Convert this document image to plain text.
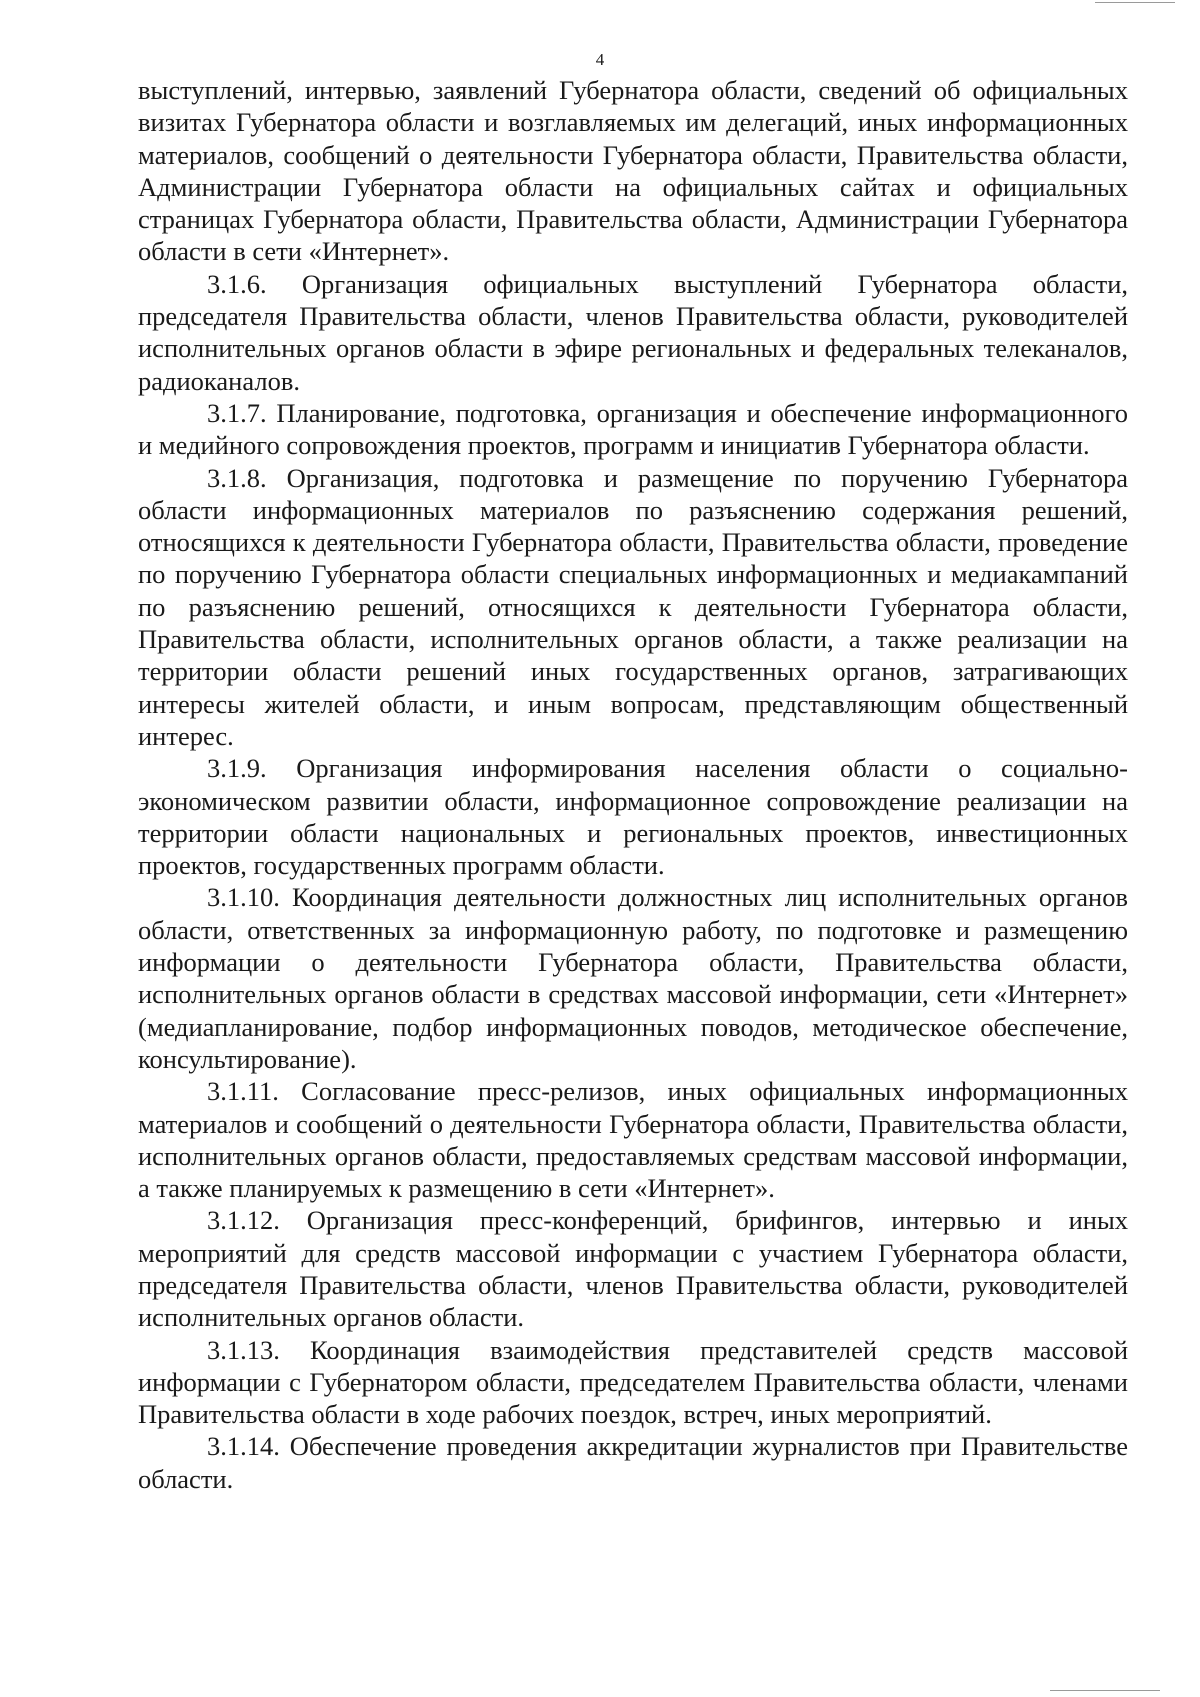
4

выступлений, интервью, заявлений Губернатора области, сведений об официальных визитах Губернатора области и возглавляемых им делегаций, иных информационных материалов, сообщений о деятельности Губернатора области, Правительства области, Администрации Губернатора области на официальных сайтах и официальных страницах Губернатора области, Правительства области, Администрации Губернатора области в сети «Интернет».

3.1.6. Организация официальных выступлений Губернатора области, председателя Правительства области, членов Правительства области, руководителей исполнительных органов области в эфире региональных и федеральных телеканалов, радиоканалов.

3.1.7. Планирование, подготовка, организация и обеспечение информационного и медийного сопровождения проектов, программ и инициатив Губернатора области.

3.1.8. Организация, подготовка и размещение по поручению Губернатора области информационных материалов по разъяснению содержания решений, относящихся к деятельности Губернатора области, Правительства области, проведение по поручению Губернатора области специальных информационных и медиакампаний по разъяснению решений, относящихся к деятельности Губернатора области, Правительства области, исполнительных органов области, а также реализации на территории области решений иных государственных органов, затрагивающих интересы жителей области, и иным вопросам, представляющим общественный интерес.

3.1.9. Организация информирования населения области о социально-экономическом развитии области, информационное сопровождение реализации на территории области национальных и региональных проектов, инвестиционных проектов, государственных программ области.

3.1.10. Координация деятельности должностных лиц исполнительных органов области, ответственных за информационную работу, по подготовке и размещению информации о деятельности Губернатора области, Правительства области, исполнительных органов области в средствах массовой информации, сети «Интернет» (медиапланирование, подбор информационных поводов, методическое обеспечение, консультирование).

3.1.11. Согласование пресс-релизов, иных официальных информационных материалов и сообщений о деятельности Губернатора области, Правительства области, исполнительных органов области, предоставляемых средствам массовой информации, а также планируемых к размещению в сети «Интернет».

3.1.12. Организация пресс-конференций, брифингов, интервью и иных мероприятий для средств массовой информации с участием Губернатора области, председателя Правительства области, членов Правительства области, руководителей исполнительных органов области.

3.1.13. Координация взаимодействия представителей средств массовой информации с Губернатором области, председателем Правительства области, членами Правительства области в ходе рабочих поездок, встреч, иных мероприятий.

3.1.14. Обеспечение проведения аккредитации журналистов при Правительстве области.
